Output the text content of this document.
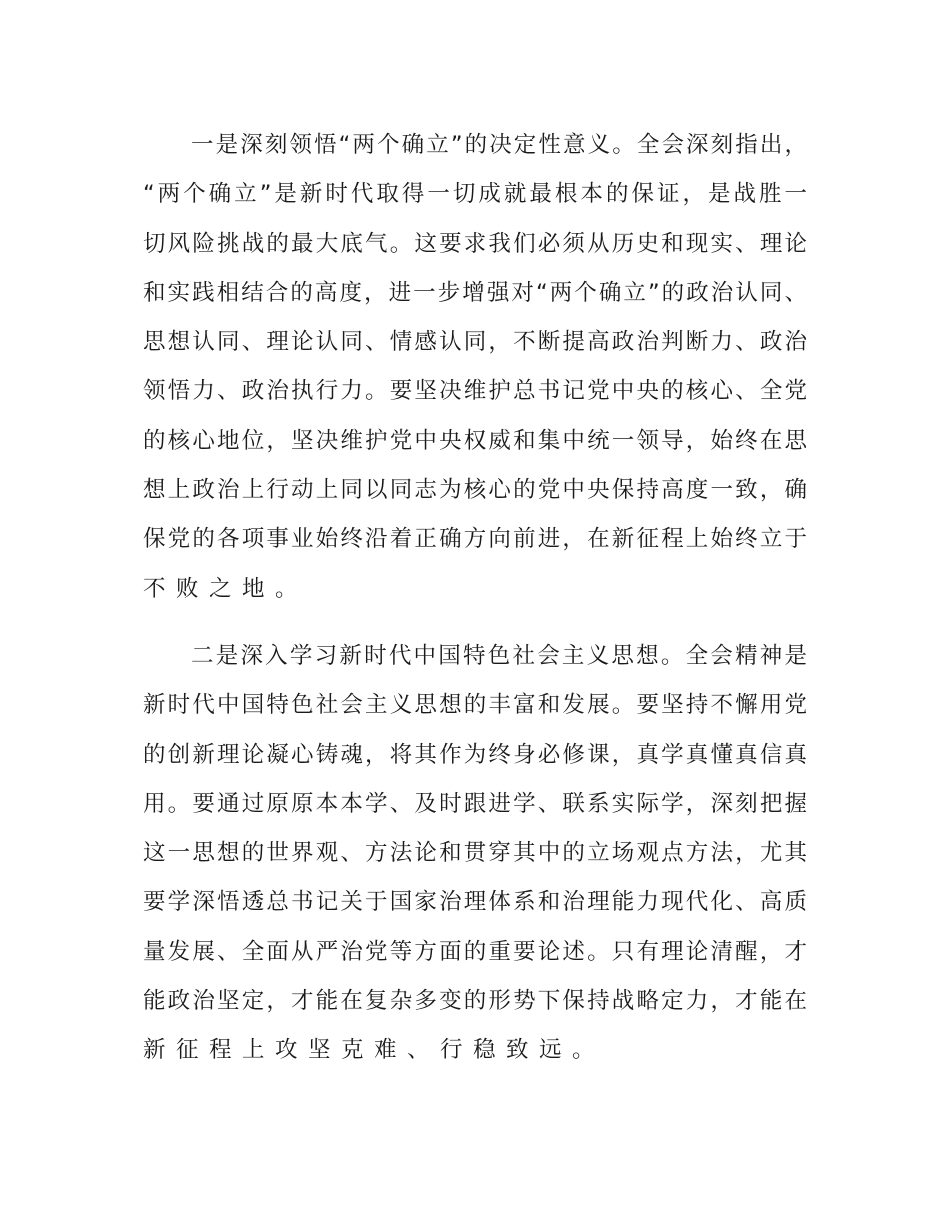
一是深刻领悟“两个确立”的决定性意义。全会深刻指出，
“两个确立”是新时代取得一切成就最根本的保证，是战胜一
切风险挑战的最大底气。这要求我们必须从历史和现实、理论
和实践相结合的高度，进一步增强对“两个确立”的政治认同、
思想认同、理论认同、情感认同，不断提高政治判断力、政治
领悟力、政治执行力。要坚决维护总书记党中央的核心、全党
的核心地位，坚决维护党中央权威和集中统一领导，始终在思
想上政治上行动上同以同志为核心的党中央保持高度一致，确
保党的各项事业始终沿着正确方向前进，在新征程上始终立于
不败之地。
二是深入学习新时代中国特色社会主义思想。全会精神是
新时代中国特色社会主义思想的丰富和发展。要坚持不懈用党
的创新理论凝心铸魂，将其作为终身必修课，真学真懂真信真
用。要通过原原本本学、及时跟进学、联系实际学，深刻把握
这一思想的世界观、方法论和贯穿其中的立场观点方法，尤其
要学深悟透总书记关于国家治理体系和治理能力现代化、高质
量发展、全面从严治党等方面的重要论述。只有理论清醒，才
能政治坚定，才能在复杂多变的形势下保持战略定力，才能在
新征程上攻坚克难、行稳致远。
